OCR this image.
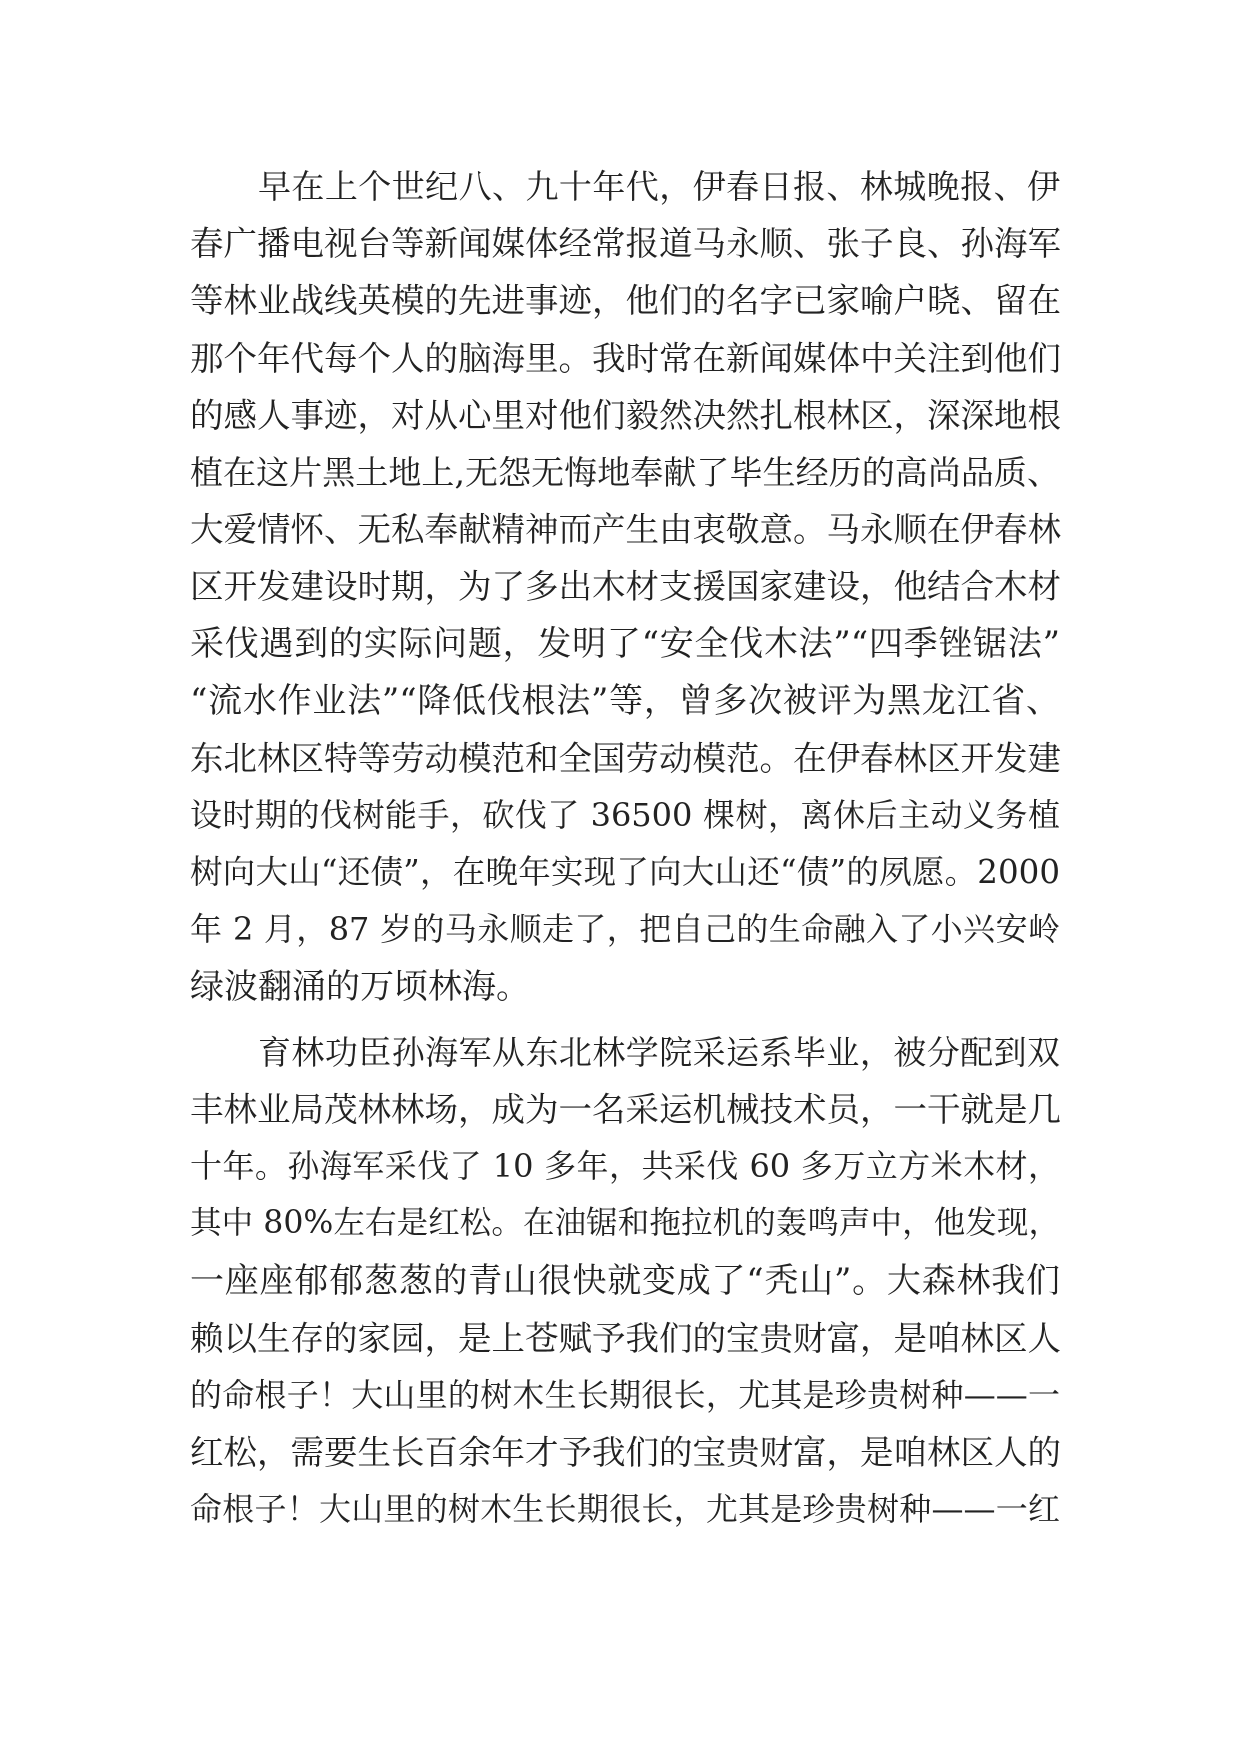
早在上个世纪八、九十年代，伊春日报、林城晚报、伊
春广播电视台等新闻媒体经常报道马永顺、张子良、孙海军
等林业战线英模的先进事迹，他们的名字已家喻户晓、留在
那个年代每个人的脑海里。我时常在新闻媒体中关注到他们
的感人事迹，对从心里对他们毅然决然扎根林区，深深地根
植在这片黑土地上,无怨无悔地奉献了毕生经历的高尚品质、
大爱情怀、无私奉献精神而产生由衷敬意。马永顺在伊春林
区开发建设时期，为了多出木材支援国家建设，他结合木材
采伐遇到的实际问题，发明了“安全伐木法”“四季锉锯法”
“流水作业法”“降低伐根法”等，曾多次被评为黑龙江省、
东北林区特等劳动模范和全国劳动模范。在伊春林区开发建
设时期的伐树能手，砍伐了 36500 棵树，离休后主动义务植
树向大山“还债”，在晚年实现了向大山还“债”的夙愿。2000
年 2 月，87 岁的马永顺走了，把自己的生命融入了小兴安岭
绿波翻涌的万顷林海。
育林功臣孙海军从东北林学院采运系毕业，被分配到双
丰林业局茂林林场，成为一名采运机械技术员，一干就是几
十年。孙海军采伐了 10 多年，共采伐 60 多万立方米木材，
其中 80%左右是红松。在油锯和拖拉机的轰鸣声中，他发现，
一座座郁郁葱葱的青山很快就变成了“秃山”。大森林我们
赖以生存的家园，是上苍赋予我们的宝贵财富，是咱林区人
的命根子！大山里的树木生长期很长，尤其是珍贵树种——一
红松，需要生长百余年才予我们的宝贵财富，是咱林区人的
命根子！大山里的树木生长期很长，尤其是珍贵树种——一红
